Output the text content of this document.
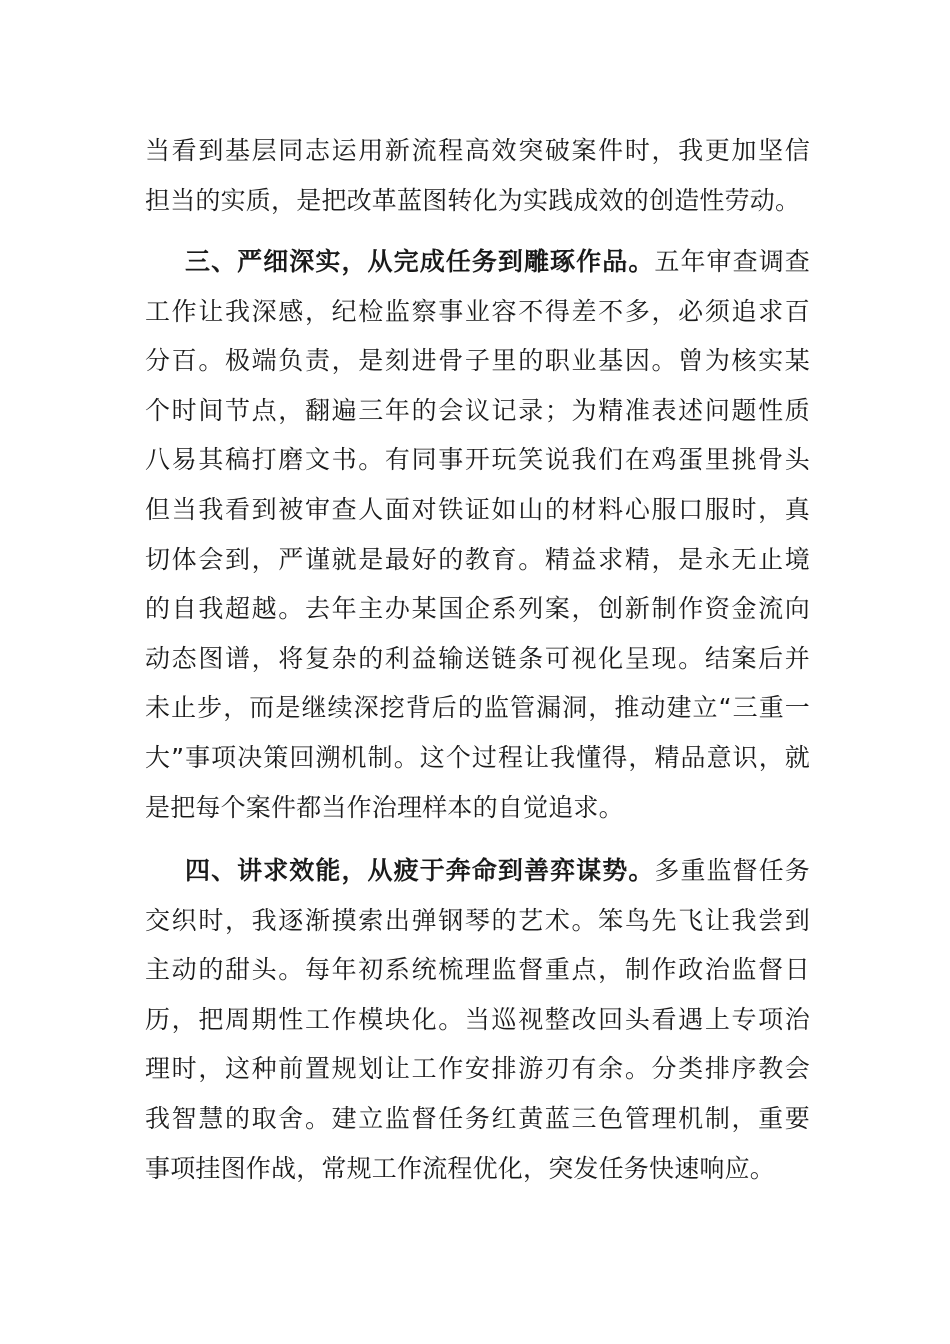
当看到基层同志运用新流程高效突破案件时，我更加坚信
担当的实质，是把改革蓝图转化为实践成效的创造性劳动。
三、严细深实，从完成任务到雕琢作品。五年审查调查
工作让我深感，纪检监察事业容不得差不多，必须追求百
分百。极端负责，是刻进骨子里的职业基因。曾为核实某
个时间节点，翻遍三年的会议记录；为精准表述问题性质
八易其稿打磨文书。有同事开玩笑说我们在鸡蛋里挑骨头
但当我看到被审查人面对铁证如山的材料心服口服时，真
切体会到，严谨就是最好的教育。精益求精，是永无止境
的自我超越。去年主办某国企系列案，创新制作资金流向
动态图谱，将复杂的利益输送链条可视化呈现。结案后并
未止步，而是继续深挖背后的监管漏洞，推动建立“三重一
大”事项决策回溯机制。这个过程让我懂得，精品意识，就
是把每个案件都当作治理样本的自觉追求。
四、讲求效能，从疲于奔命到善弈谋势。多重监督任务
交织时，我逐渐摸索出弹钢琴的艺术。笨鸟先飞让我尝到
主动的甜头。每年初系统梳理监督重点，制作政治监督日
历，把周期性工作模块化。当巡视整改回头看遇上专项治
理时，这种前置规划让工作安排游刃有余。分类排序教会
我智慧的取舍。建立监督任务红黄蓝三色管理机制，重要
事项挂图作战，常规工作流程优化，突发任务快速响应。
